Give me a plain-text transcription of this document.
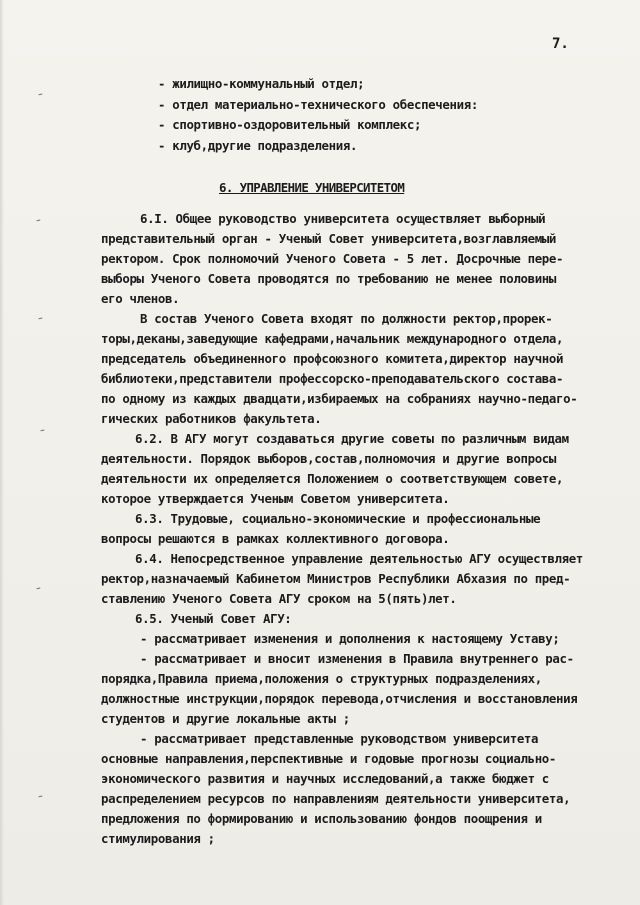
7.
ـ
ـ
ـ
ـ
ـ
ـ
- жилищно-коммунальный отдел;
- отдел материально-технического обеспечения:
- спортивно-оздоровительный комплекс;
- клуб,другие подразделения.
6. УПРАВЛЕНИЕ УНИВЕРСИТЕТОМ
6.I. Общее руководство университета осуществляет выборный
представительный орган - Ученый Совет университета,возглавляемый
ректором. Срок полномочий Ученого Совета - 5 лет. Досрочные пере-
выборы Ученого Совета проводятся по требованию не менее половины
его членов.
В состав Ученого Совета входят по должности ректор,прорек-
торы,деканы,заведующие кафедрами,начальник международного отдела,
председатель объединенного профсоюзного комитета,директор научной
библиотеки,представители профессорско-преподавательского состава-
по одному из каждых двадцати,избираемых на собраниях научно-педаго-
гических работников факультета.
6.2. В АГУ могут создаваться другие советы по различным видам
деятельности. Порядок выборов,состав,полномочия и другие вопросы
деятельности их определяется Положением о соответствующем совете,
которое утверждается Ученым Советом университета.
6.3. Трудовые, социально-экономические и профессиональные
вопросы решаются в рамках коллективного договора.
6.4. Непосредственное управление деятельностью АГУ осуществляет
ректор,назначаемый Кабинетом Министров Республики Абхазия по пред-
ставлению Ученого Совета АГУ сроком на 5(пять)лет.
6.5. Ученый Совет АГУ:
- рассматривает изменения и дополнения к настоящему Уставу;
- рассматривает и вносит изменения в Правила внутреннего рас-
порядка,Правила приема,положения о структурных подразделениях,
должностные инструкции,порядок перевода,отчисления и восстановления
студентов и другие локальные акты ;
- рассматривает представленные руководством университета
основные направления,перспективные и годовые прогнозы социально-
экономического развития и научных исследований,а также бюджет с
распределением ресурсов по направлениям деятельности университета,
предложения по формированию и использованию фондов поощрения и
стимулирования ;
